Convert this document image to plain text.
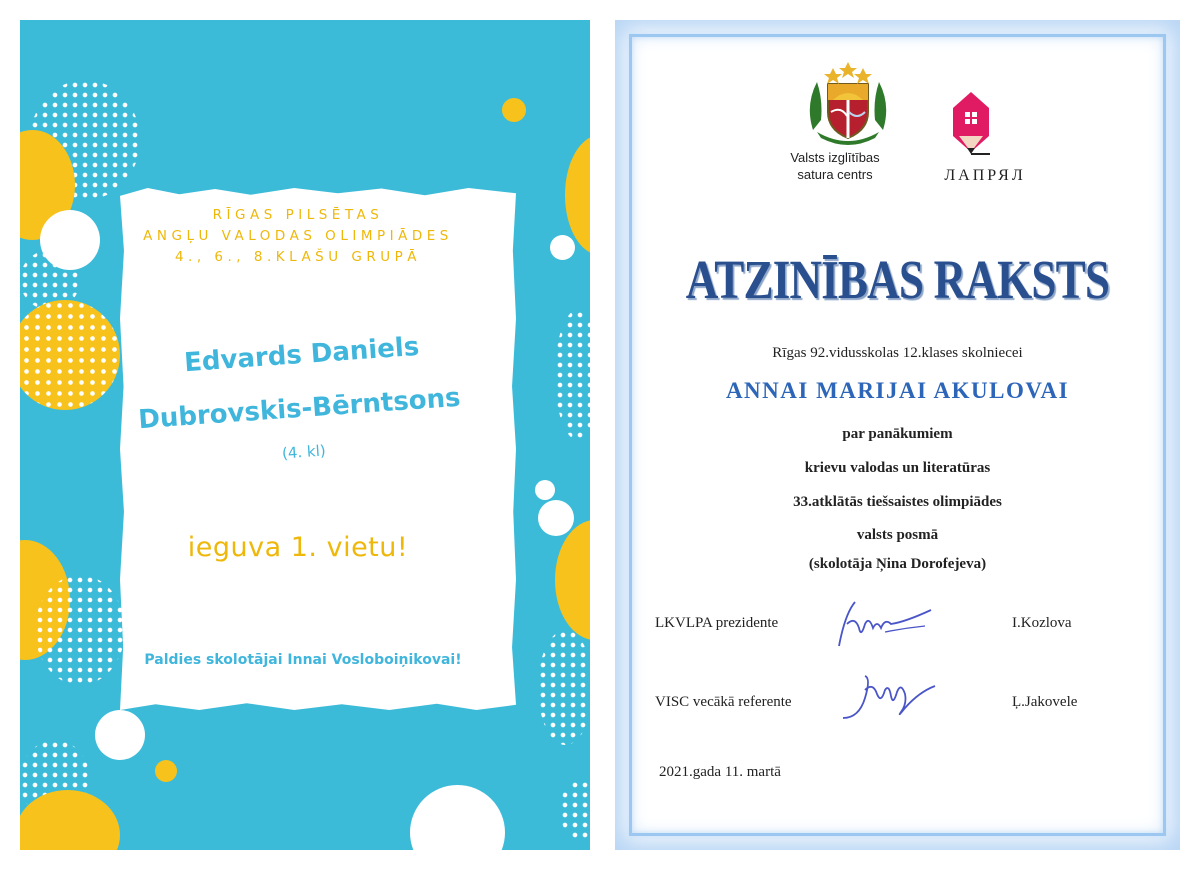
RĪGAS PILSĒTAS
ANGĻU VALODAS OLIMPIĀDES
4., 6., 8.KLAŠU GRUPĀ
Edvards Daniels
Dubrovskis-Bērntsons
(4. kl)
ieguva 1. vietu!
Paldies skolotājai Innai Vosloboiņikovai!
Valsts izglītības
satura centrs	ЛАПРЯЛ
ATZINĪBAS RAKSTS
Rīgas 92.vidusskolas 12.klases skolniecei
ANNAI MARIJAI AKULOVAI
par panākumiem
krievu valodas un literatūras
33.atklātās tiešsaistes olimpiādes
valsts posmā
(skolotāja Ņina Dorofejeva)
LKVLPA prezidente	I.Kozlova
VISC vecākā referente	Ļ.Jakovele
2021.gada 11. martā
